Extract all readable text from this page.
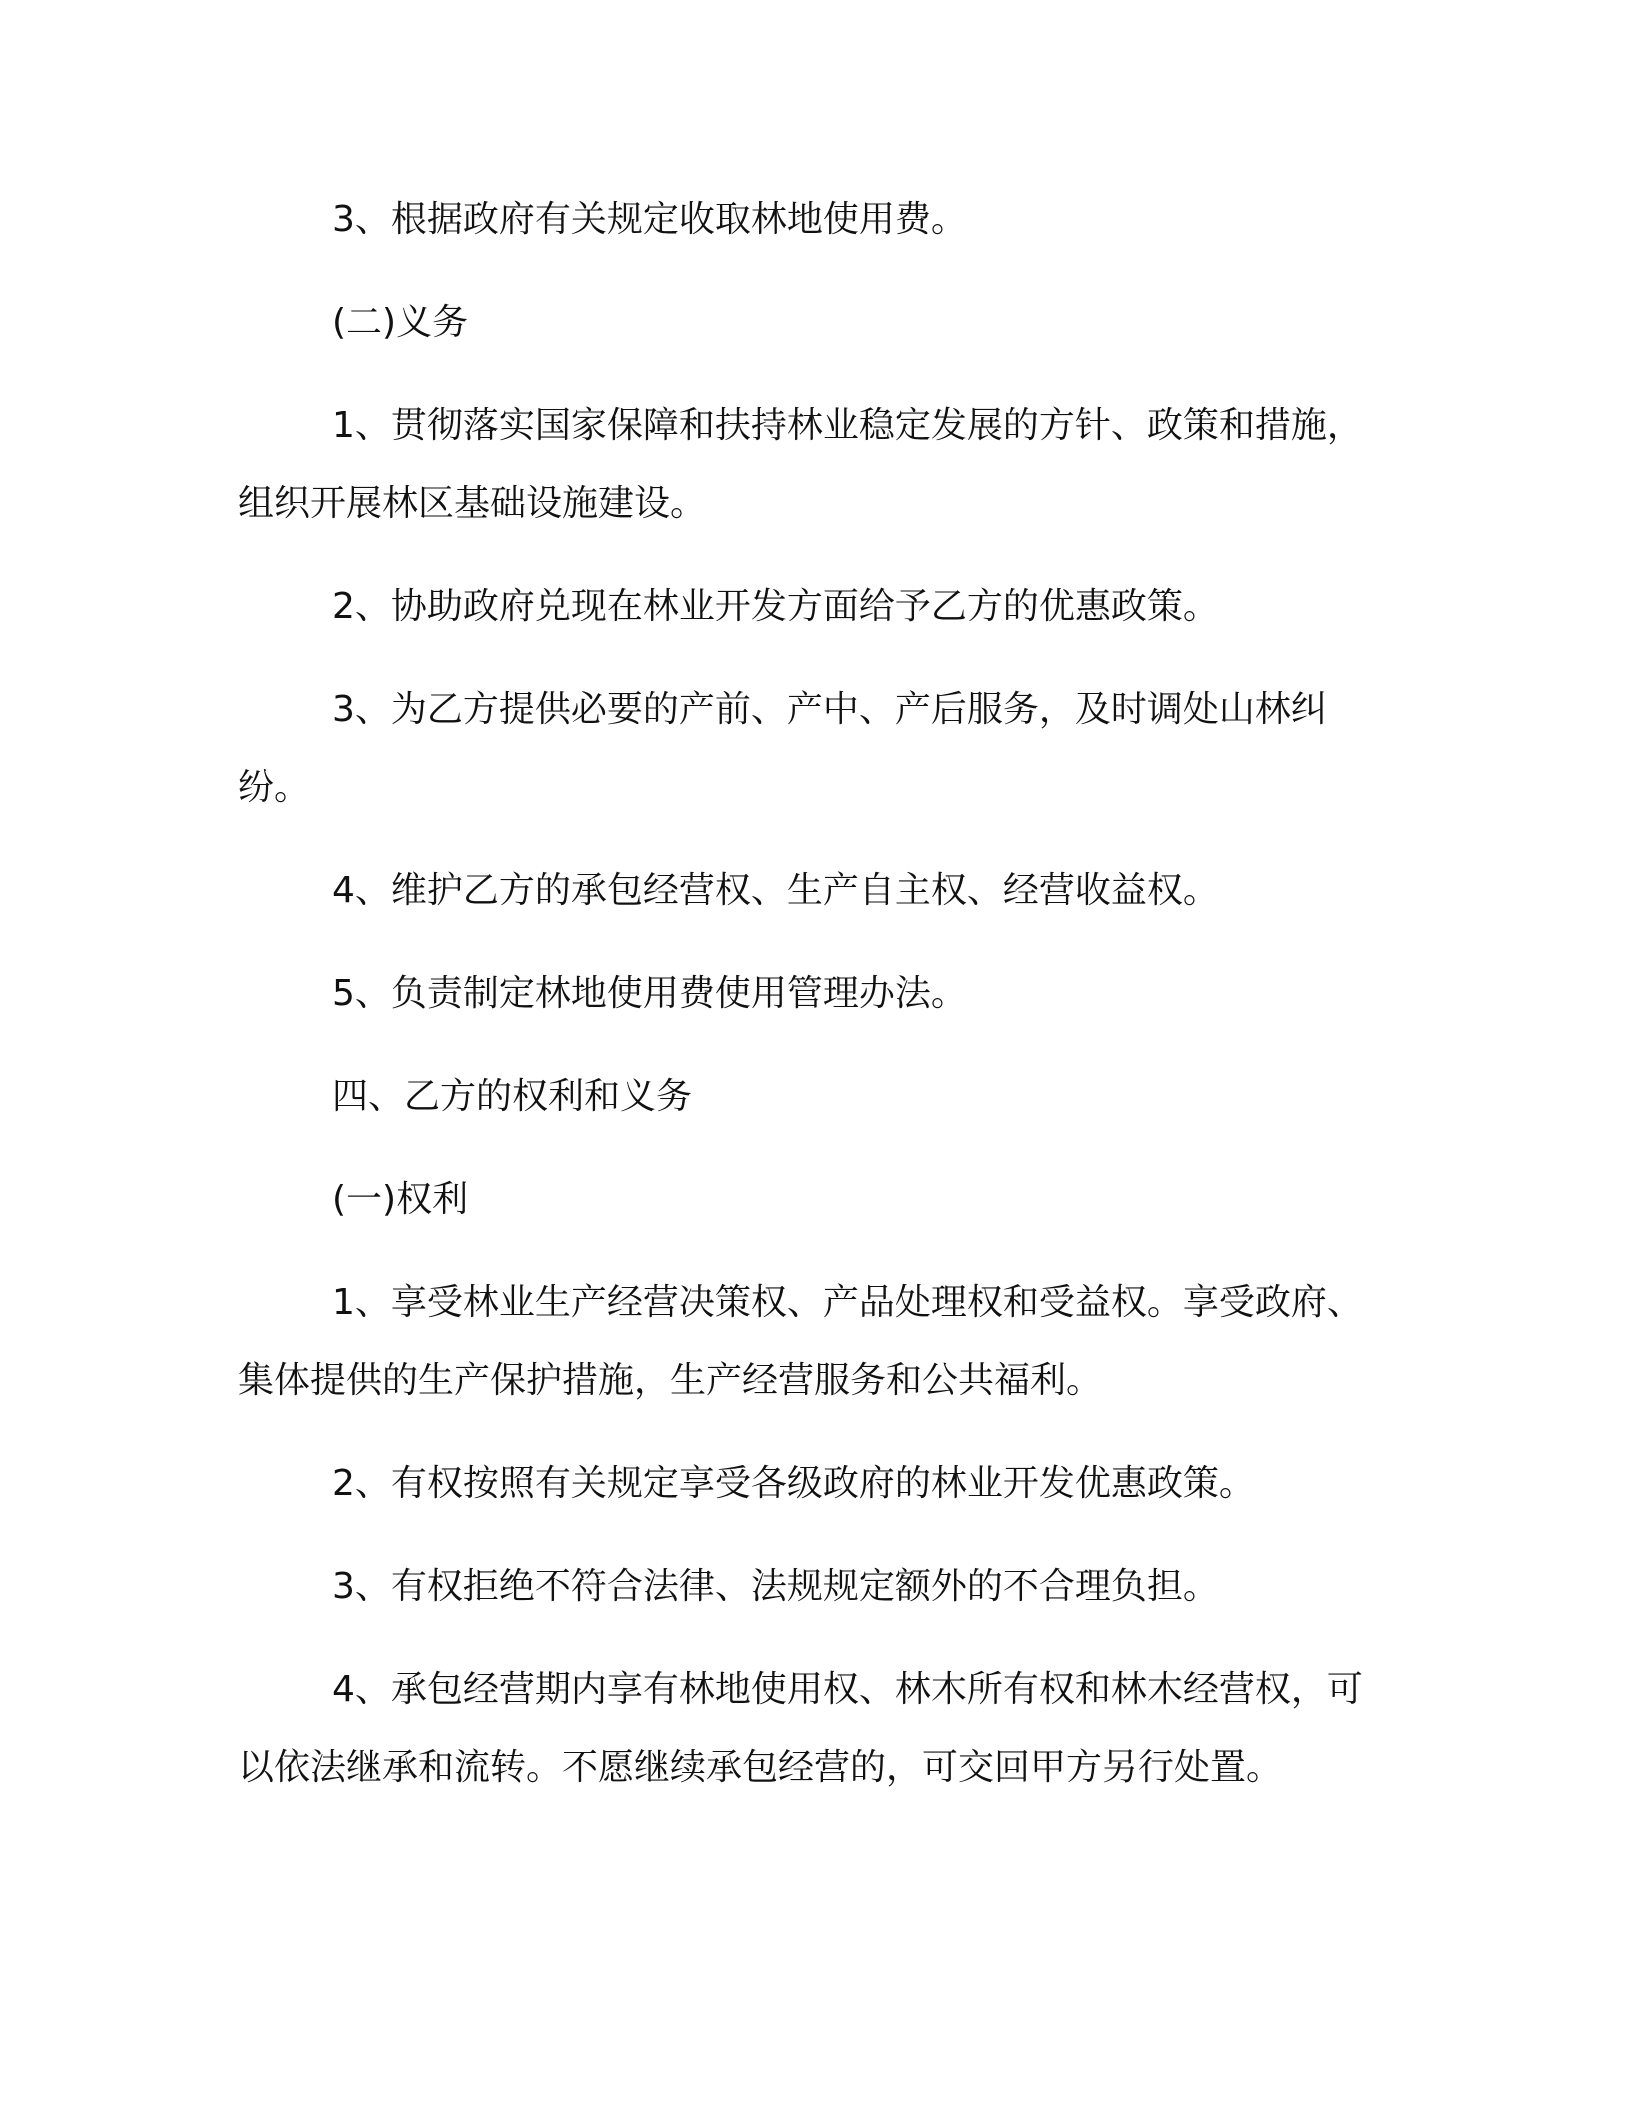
3、根据政府有关规定收取林地使用费。

(二)义务

1、贯彻落实国家保障和扶持林业稳定发展的方针、政策和措施，组织开展林区基础设施建设。

2、协助政府兑现在林业开发方面给予乙方的优惠政策。

3、为乙方提供必要的产前、产中、产后服务，及时调处山林纠纷。

4、维护乙方的承包经营权、生产自主权、经营收益权。

5、负责制定林地使用费使用管理办法。

四、乙方的权利和义务

(一)权利

1、享受林业生产经营决策权、产品处理权和受益权。享受政府、集体提供的生产保护措施，生产经营服务和公共福利。

2、有权按照有关规定享受各级政府的林业开发优惠政策。

3、有权拒绝不符合法律、法规规定额外的不合理负担。

4、承包经营期内享有林地使用权、林木所有权和林木经营权，可以依法继承和流转。不愿继续承包经营的，可交回甲方另行处置。
